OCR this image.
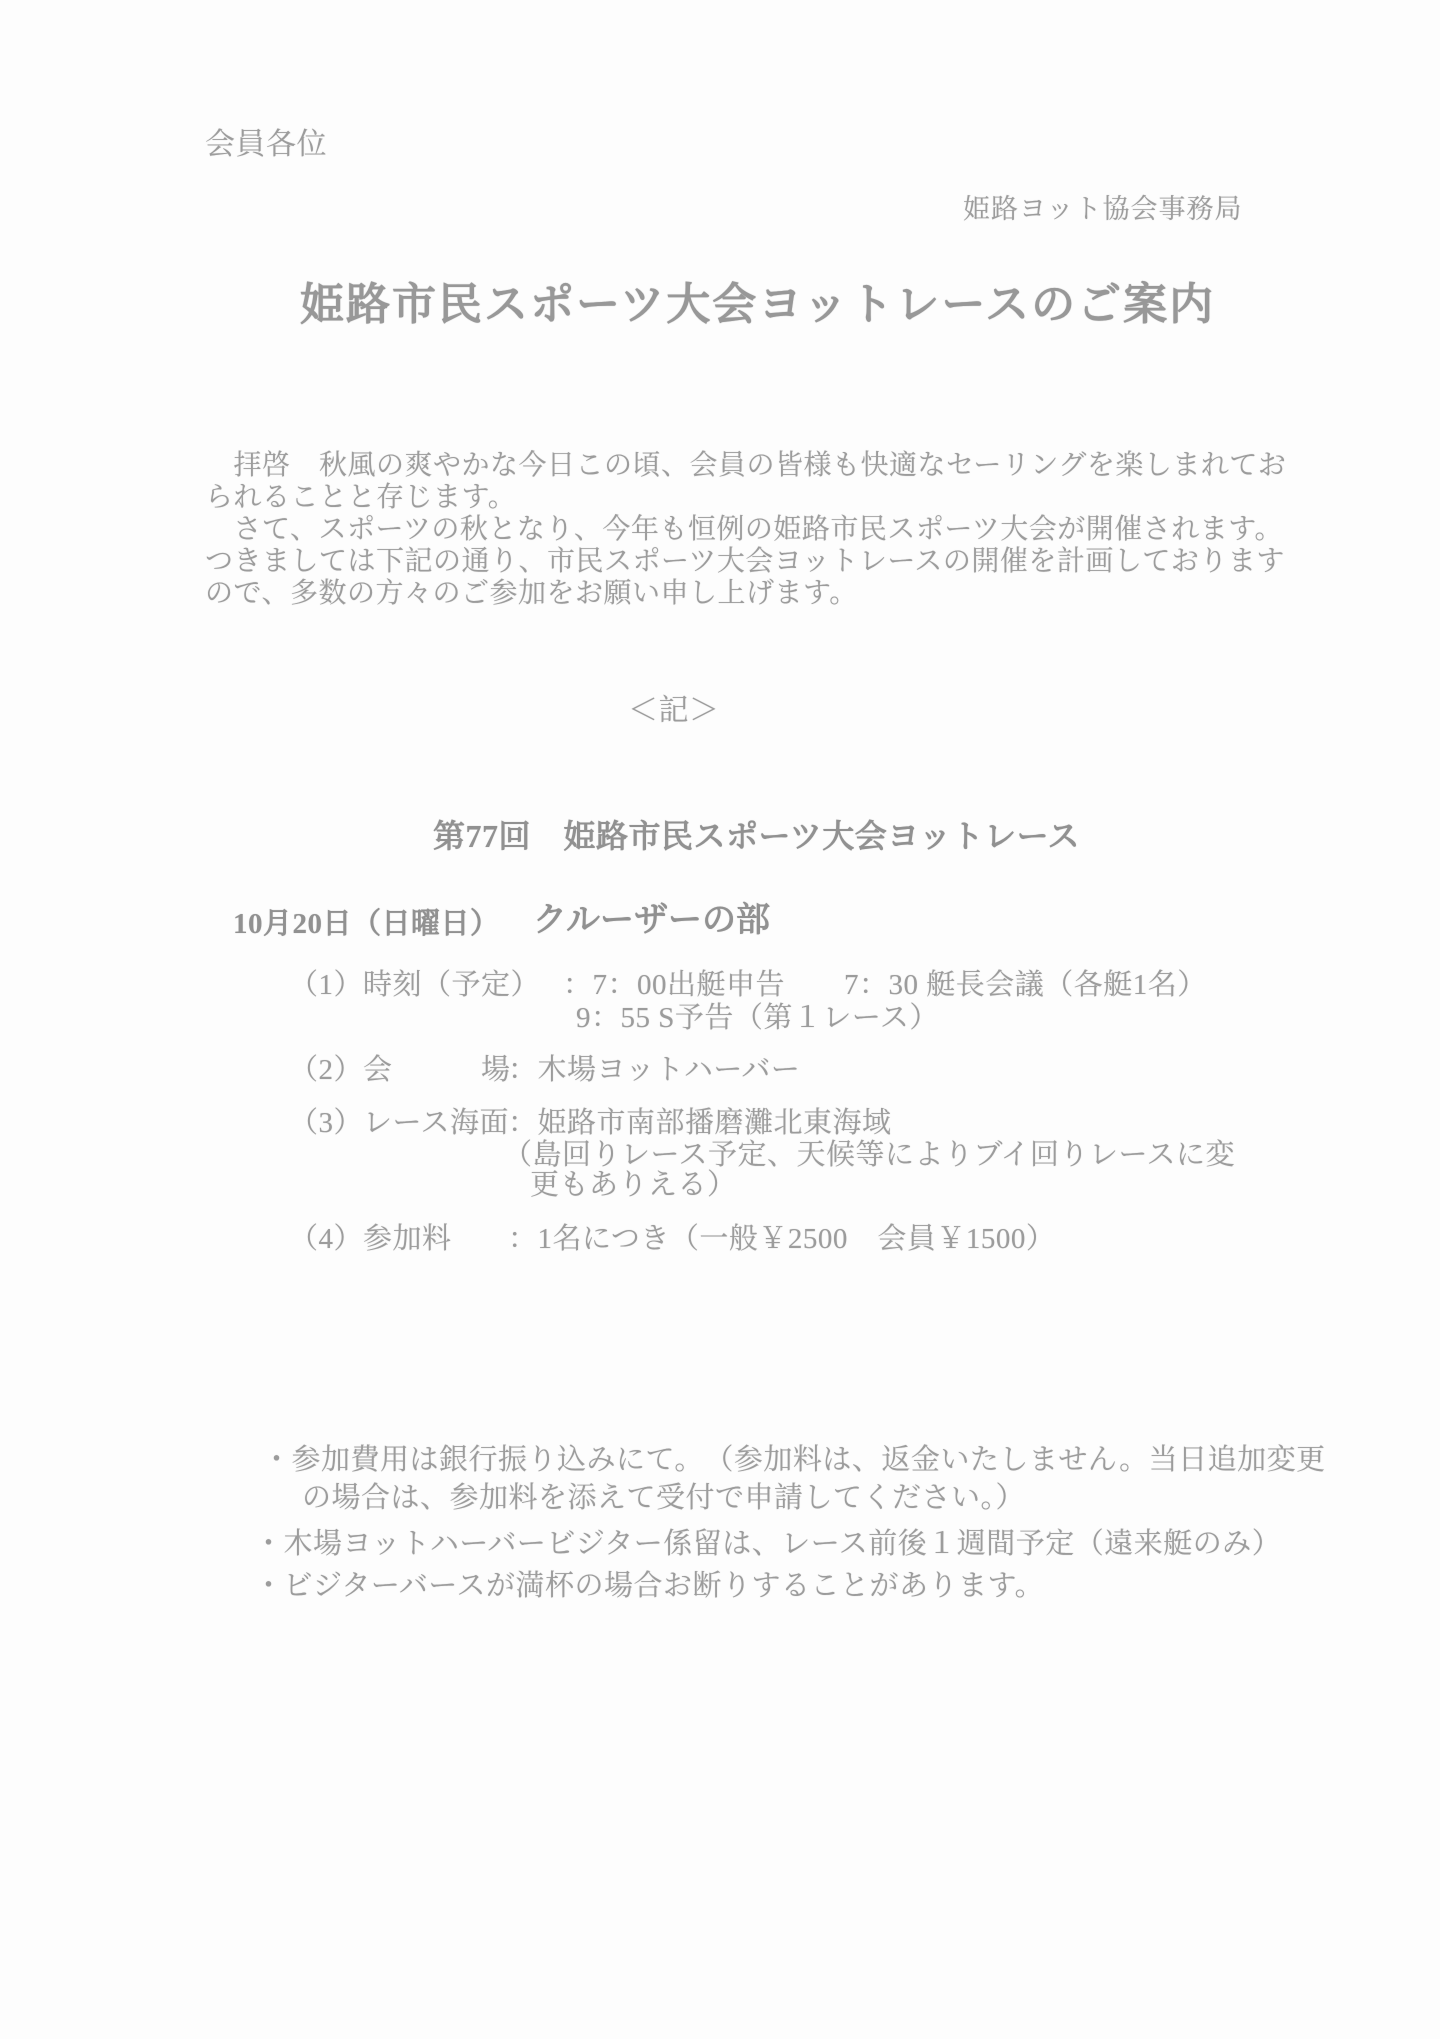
会員各位
姫路ヨット協会事務局
姫路市民スポーツ大会ヨットレースのご案内
　拝啓　秋風の爽やかな今日この頃、会員の皆様も快適なセーリングを楽しまれてお
られることと存じます。
　さて、スポーツの秋となり、今年も恒例の姫路市民スポーツ大会が開催されます。
つきましては下記の通り、市民スポーツ大会ヨットレースの開催を計画しております
ので、多数の方々のご参加をお願い申し上げます。
＜記＞
第77回　姫路市民スポーツ大会ヨットレース
10月20日（日曜日） クルーザーの部
（1）時刻（予定） ：7：00出艇申告　　7：30 艇長会議（各艇1名）
9：55 S予告（第１レース）
（2）会　　　場
：木場ヨットハーバー
（3）レース海面
：姫路市南部播磨灘北東海域
（島回りレース予定、天候等によりブイ回りレースに変
更もありえる）
（4）参加料 ：1名につき（一般￥2500　会員￥1500）
・参加費用は銀行振り込みにて。　（参加料は、返金いたしません。当日追加変更
の場合は、参加料を添えて受付で申請してください。）
・木場ヨットハーバービジター係留は、レース前後１週間予定（遠来艇のみ）
・ビジターバースが満杯の場合お断りすることがあります。
